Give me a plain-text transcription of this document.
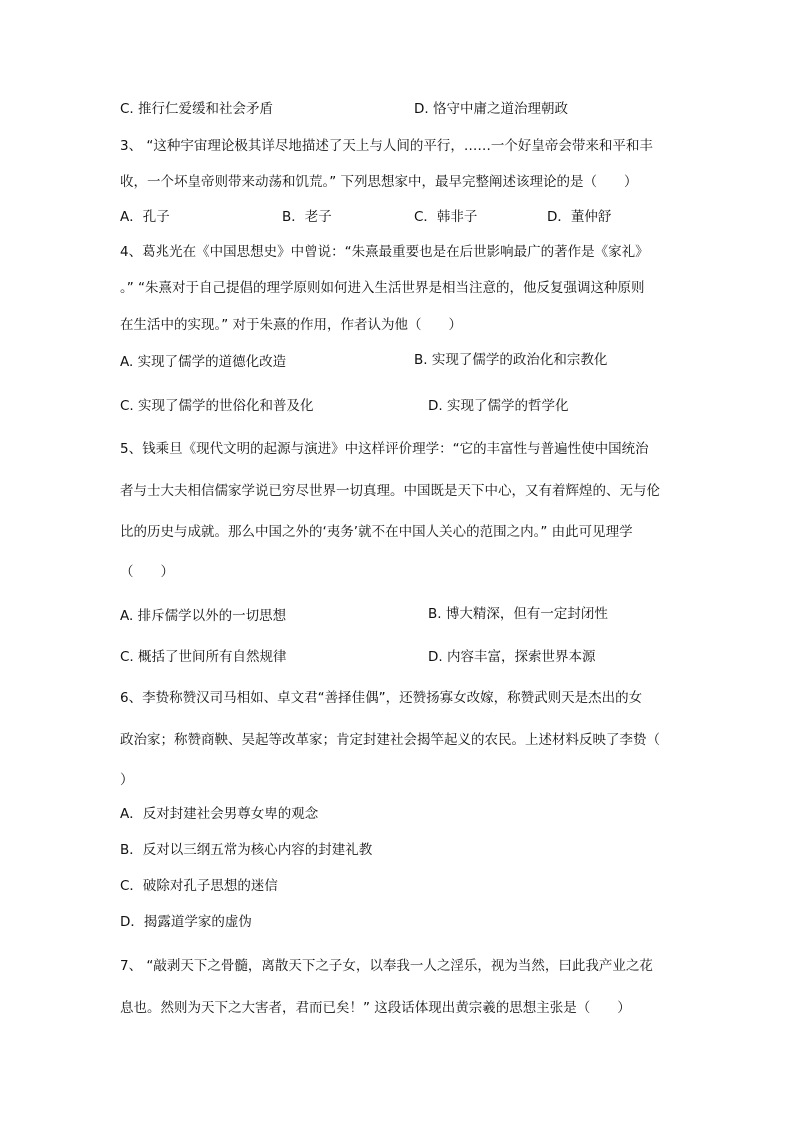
C. 推行仁爱缓和社会矛盾	D. 恪守中庸之道治理朝政
3、 “这种宇宙理论极其详尽地描述了天上与人间的平行，……一个好皇帝会带来和平和丰
收，一个坏皇帝则带来动荡和饥荒。” 下列思想家中，最早完整阐述该理论的是（　　）
A．孔子	B．老子	C．韩非子	D．董仲舒
4、葛兆光在《中国思想史》中曾说：“朱熹最重要也是在后世影响最广的著作是《家礼》
。” “朱熹对于自己提倡的理学原则如何进入生活世界是相当注意的，他反复强调这种原则
在生活中的实现。” 对于朱熹的作用，作者认为他（　　）
A. 实现了儒学的道德化改造	B. 实现了儒学的政治化和宗教化
C. 实现了儒学的世俗化和普及化	D. 实现了儒学的哲学化
5、钱乘旦《现代文明的起源与演进》中这样评价理学：“它的丰富性与普遍性使中国统治
者与士大夫相信儒家学说已穷尽世界一切真理。中国既是天下中心，又有着辉煌的、无与伦
比的历史与成就。那么中国之外的‘夷务’就不在中国人关心的范围之内。” 由此可见理学
（　　）
A. 排斥儒学以外的一切思想	B. 博大精深，但有一定封闭性
C. 概括了世间所有自然规律	D. 内容丰富，探索世界本源
6、李贽称赞汉司马相如、卓文君“善择佳偶”，还赞扬寡女改嫁，称赞武则天是杰出的女
政治家；称赞商鞅、吴起等改革家；肯定封建社会揭竿起义的农民。上述材料反映了李贽（
）
A．反对封建社会男尊女卑的观念
B．反对以三纲五常为核心内容的封建礼教
C．破除对孔子思想的迷信
D．揭露道学家的虚伪
7、 “敲剥天下之骨髓，离散天下之子女，以奉我一人之淫乐，视为当然，曰此我产业之花
息也。然则为天下之大害者，君而已矣！” 这段话体现出黄宗羲的思想主张是（　　）
